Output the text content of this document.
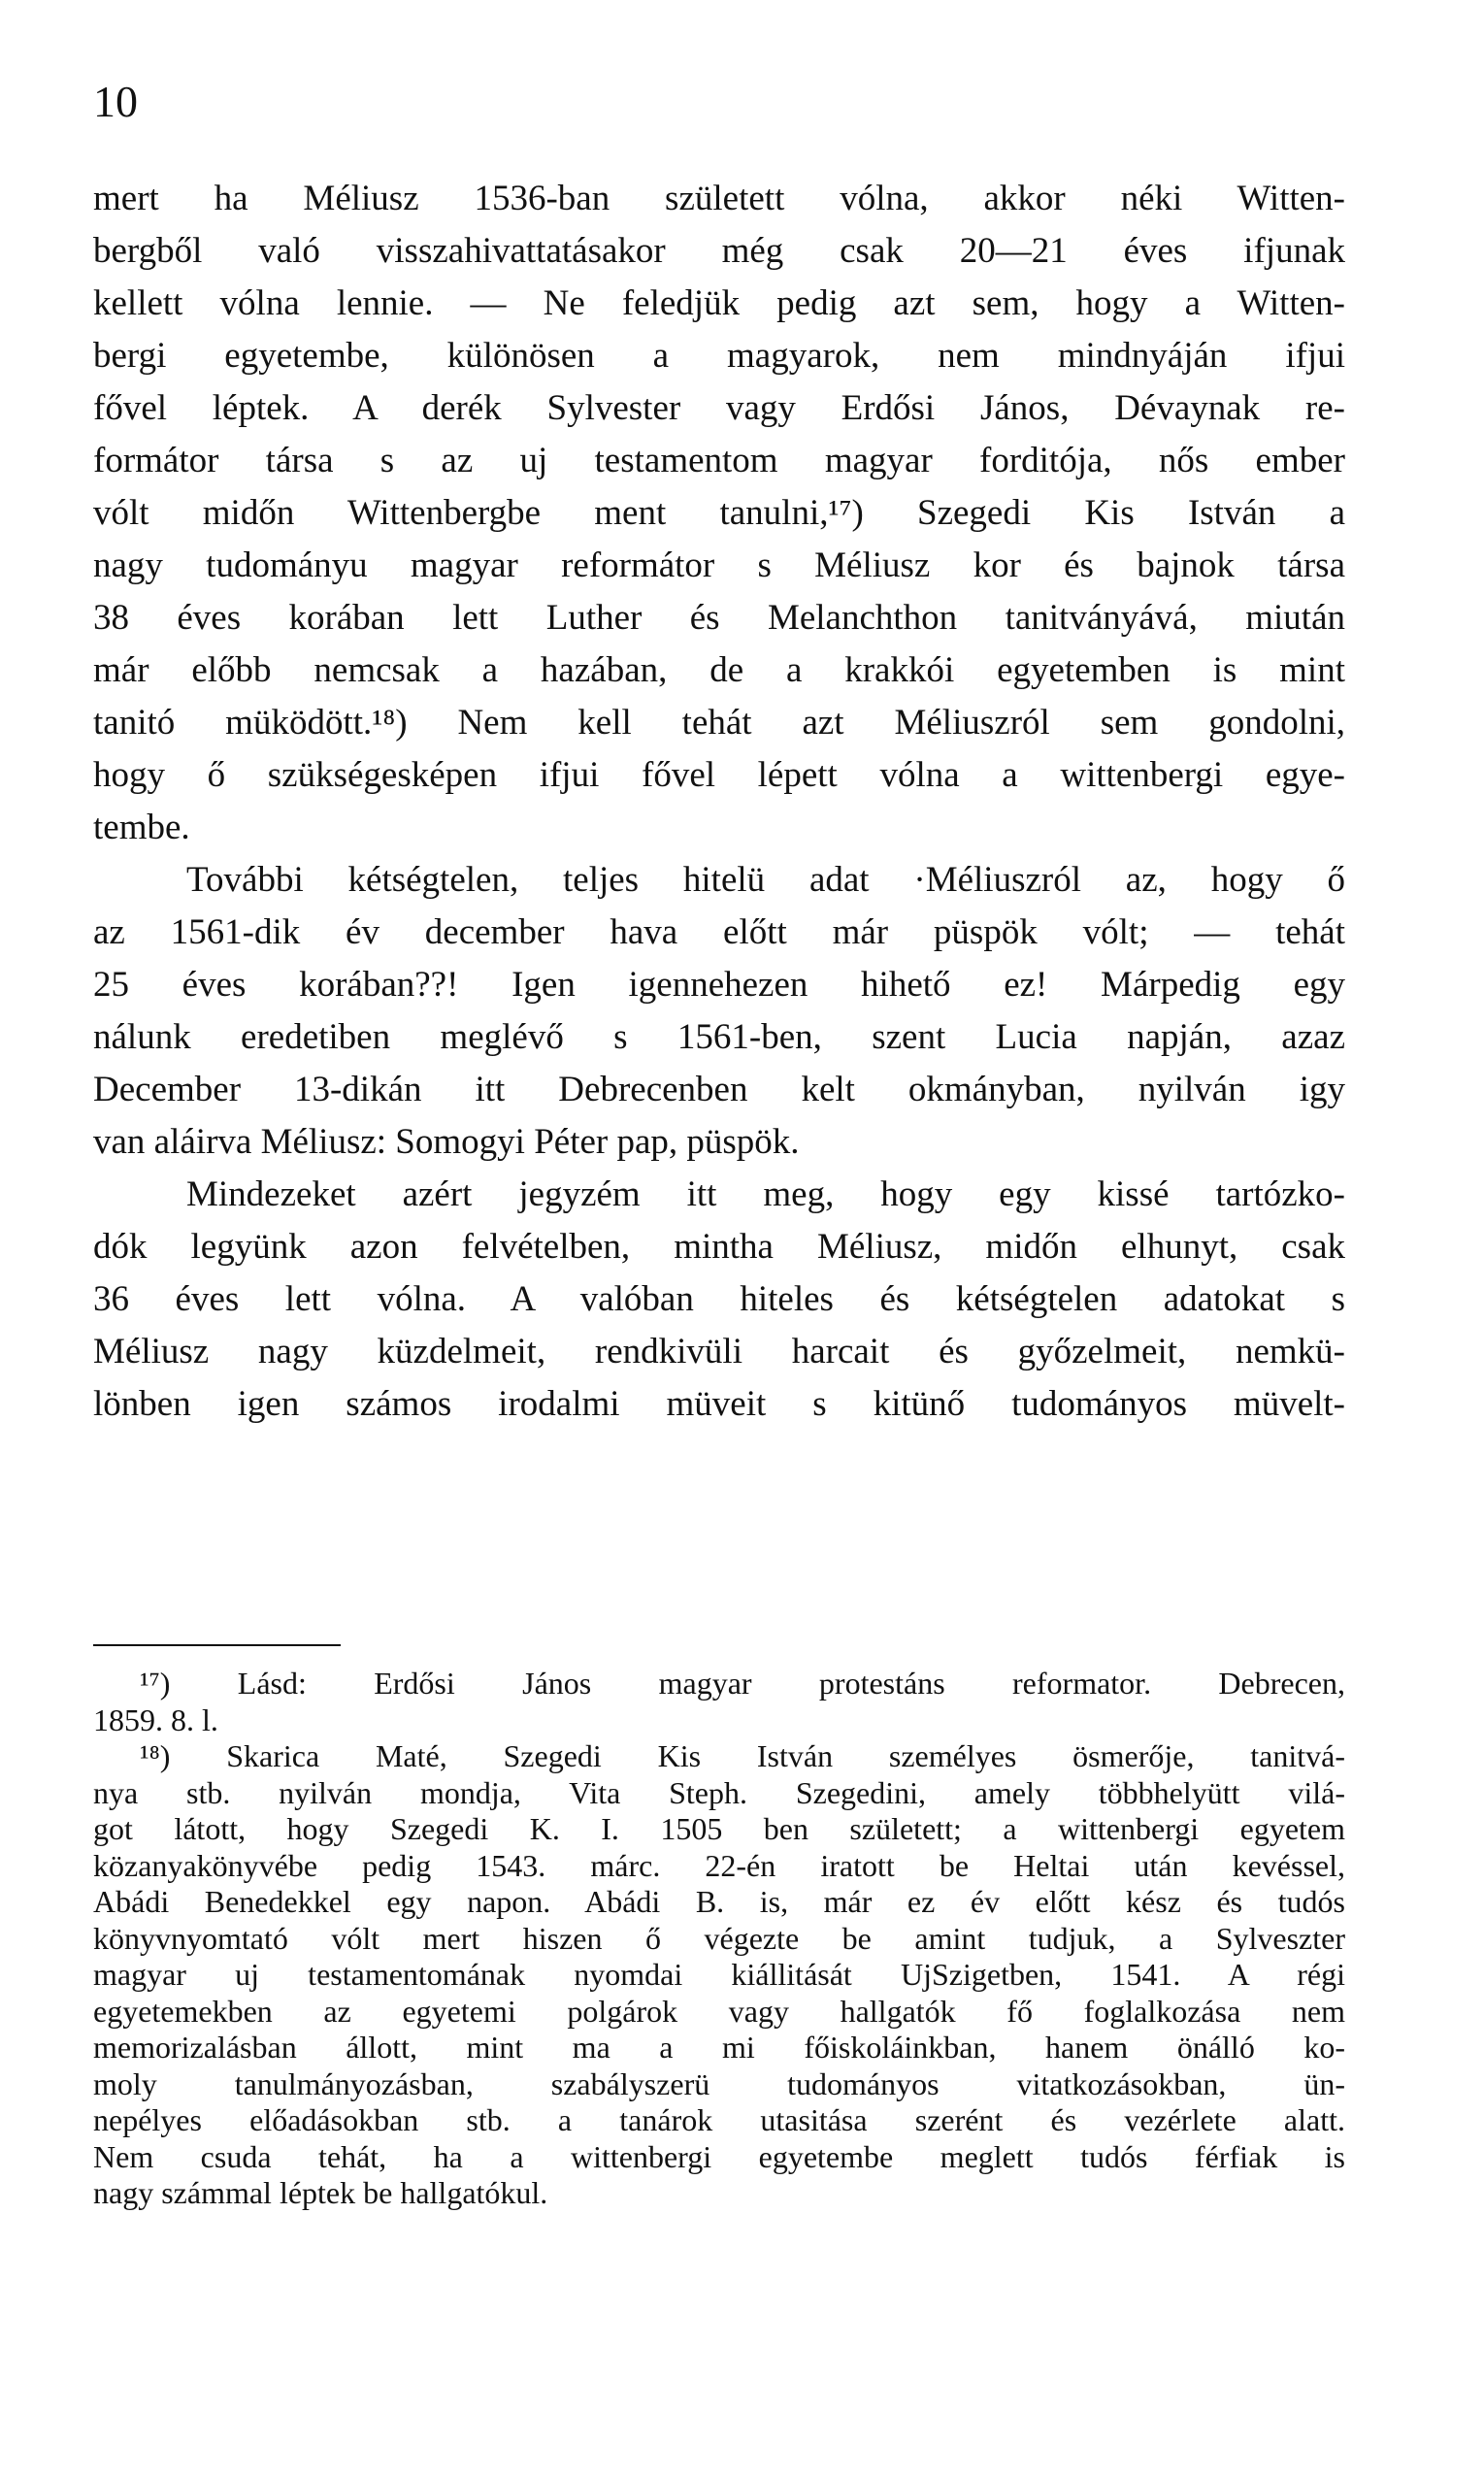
10

mert ha Méliusz 1536-ban született vólna, akkor néki Witten-
bergből való visszahivattatásakor még csak 20—21 éves ifjunak
kellett vólna lennie. — Ne feledjük pedig azt sem, hogy a Witten-
bergi egyetembe, különösen a magyarok, nem mindnyáján ifjui
fővel léptek. A derék Sylvester vagy Erdősi János, Dévaynak re-
formátor társa s az uj testamentom magyar forditója, nős ember
vólt midőn Wittenbergbe ment tanulni,¹⁷) Szegedi Kis István a
nagy tudományu magyar reformátor s Méliusz kor és bajnok társa
38 éves korában lett Luther és Melanchthon tanitványává, miután
már előbb nemcsak a hazában, de a krakkói egyetemben is mint
tanitó müködött.¹⁸) Nem kell tehát azt Méliuszról sem gondolni,
hogy ő szükségesképen ifjui fővel lépett vólna a wittenbergi egye-
tembe.

További kétségtelen, teljes hitelü adat ·Méliuszról az, hogy ő
az 1561-dik év december hava előtt már püspök vólt; — tehát
25 éves korában??! Igen igennehezen hihető ez! Márpedig egy
nálunk eredetiben meglévő s 1561-ben, szent Lucia napján, azaz
December 13-dikán itt Debrecenben kelt okmányban, nyilván igy
van aláirva Méliusz: Somogyi Péter pap, püspök.

Mindezeket azért jegyzém itt meg, hogy egy kissé tartózko-
dók legyünk azon felvételben, mintha Méliusz, midőn elhunyt, csak
36 éves lett vólna. A valóban hiteles és kétségtelen adatokat s
Méliusz nagy küzdelmeit, rendkivüli harcait és győzelmeit, nemkü-
lönben igen számos irodalmi müveit s kitünő tudományos müvelt-

¹⁷) Lásd: Erdősi János magyar protestáns reformator. Debrecen,
1859. 8. l.
¹⁸) Skarica Maté, Szegedi Kis István személyes ösmerője, tanitvá-
nya stb. nyilván mondja, Vita Steph. Szegedini, amely többhelyütt vilá-
got látott, hogy Szegedi K. I. 1505 ben született; a wittenbergi egyetem
közanyakönyvébe pedig 1543. márc. 22-én iratott be Heltai után kevéssel,
Abádi Benedekkel egy napon. Abádi B. is, már ez év előtt kész és tudós
könyvnyomtató vólt mert hiszen ő végezte be amint tudjuk, a Sylveszter
magyar uj testamentomának nyomdai kiállitását UjSzigetben, 1541. A régi
egyetemekben az egyetemi polgárok vagy hallgatók fő foglalkozása nem
memorizalásban állott, mint ma a mi főiskoláinkban, hanem önálló ko-
moly tanulmányozásban, szabályszerü tudományos vitatkozásokban, ün-
nepélyes előadásokban stb. a tanárok utasitása szerént és vezérlete alatt.
Nem csuda tehát, ha a wittenbergi egyetembe meglett tudós férfiak is
nagy számmal léptek be hallgatókul.
